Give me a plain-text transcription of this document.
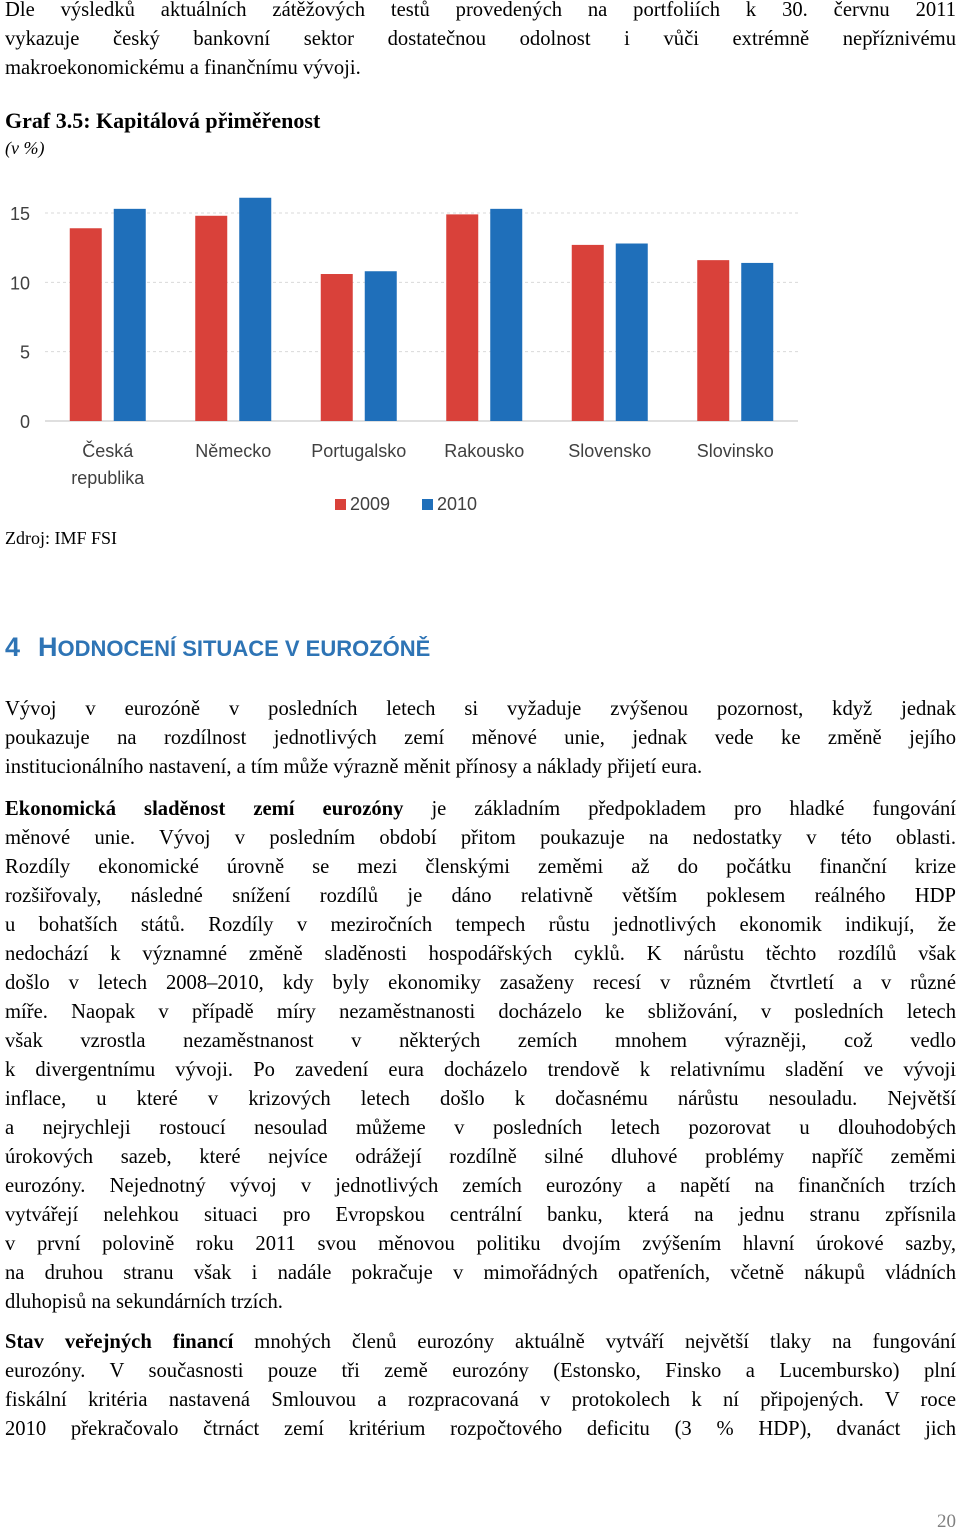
Dle výsledků aktuálních zátěžových testů provedených na portfoliích k 30. červnu 2011
vykazuje český bankovní sektor dostatečnou odolnost i vůči extrémně nepříznivému
makroekonomickému a finančnímu vývoji.

Graf 3.5: Kapitálová přiměřenost

(v %)

0
5
10
15
Česká
republika
Německo Portugalsko Rakousko Slovensko	Slovinsko
2009	2010

Zdroj: IMF FSI

4 HODNOCENÍ SITUACE V EUROZÓNĚ
Vývoj v eurozóně v posledních letech si vyžaduje zvýšenou pozornost, když jednak
poukazuje na rozdílnost jednotlivých zemí měnové unie, jednak vede ke změně jejího
institucionálního nastavení, a tím může výrazně měnit přínosy a náklady přijetí eura.
Ekonomická sladěnost zemí eurozóny je základním předpokladem pro hladké fungování
měnové unie. Vývoj v posledním období přitom poukazuje na nedostatky v této oblasti.
Rozdíly ekonomické úrovně se mezi členskými zeměmi až do počátku finanční krize
rozšiřovaly, následné snížení rozdílů je dáno relativně větším poklesem reálného HDP
u bohatších států. Rozdíly v meziročních tempech růstu jednotlivých ekonomik indikují, že
nedochází k významné změně sladěnosti hospodářských cyklů. K nárůstu těchto rozdílů však
došlo v letech 2008–2010, kdy byly ekonomiky zasaženy recesí v různém čtvrtletí a v různé
míře. Naopak v případě míry nezaměstnanosti docházelo ke sbližování, v posledních letech
však vzrostla nezaměstnanost v některých zemích mnohem výrazněji, což vedlo
k divergentnímu vývoji. Po zavedení eura docházelo trendově k relativnímu sladění ve vývoji
inflace, u které v krizových letech došlo k dočasnému nárůstu nesouladu. Největší
a nejrychleji rostoucí nesoulad můžeme v posledních letech pozorovat u dlouhodobých
úrokových sazeb, které nejvíce odrážejí rozdílně silné dluhové problémy napříč zeměmi
eurozóny. Nejednotný vývoj v jednotlivých zemích eurozóny a napětí na finančních trzích
vytvářejí nelehkou situaci pro Evropskou centrální banku, která na jednu stranu zpřísnila
v první polovině roku 2011 svou měnovou politiku dvojím zvýšením hlavní úrokové sazby,
na druhou stranu však i nadále pokračuje v mimořádných opatřeních, včetně nákupů vládních
dluhopisů na sekundárních trzích.
Stav veřejných financí mnohých členů eurozóny aktuálně vytváří největší tlaky na fungování
eurozóny. V současnosti pouze tři země eurozóny (Estonsko, Finsko a Lucembursko) plní
fiskální kritéria nastavená Smlouvou a rozpracovaná v protokolech k ní připojených. V roce
2010 překračovalo čtrnáct zemí kritérium rozpočtového deficitu (3 % HDP), dvanáct jich

20
